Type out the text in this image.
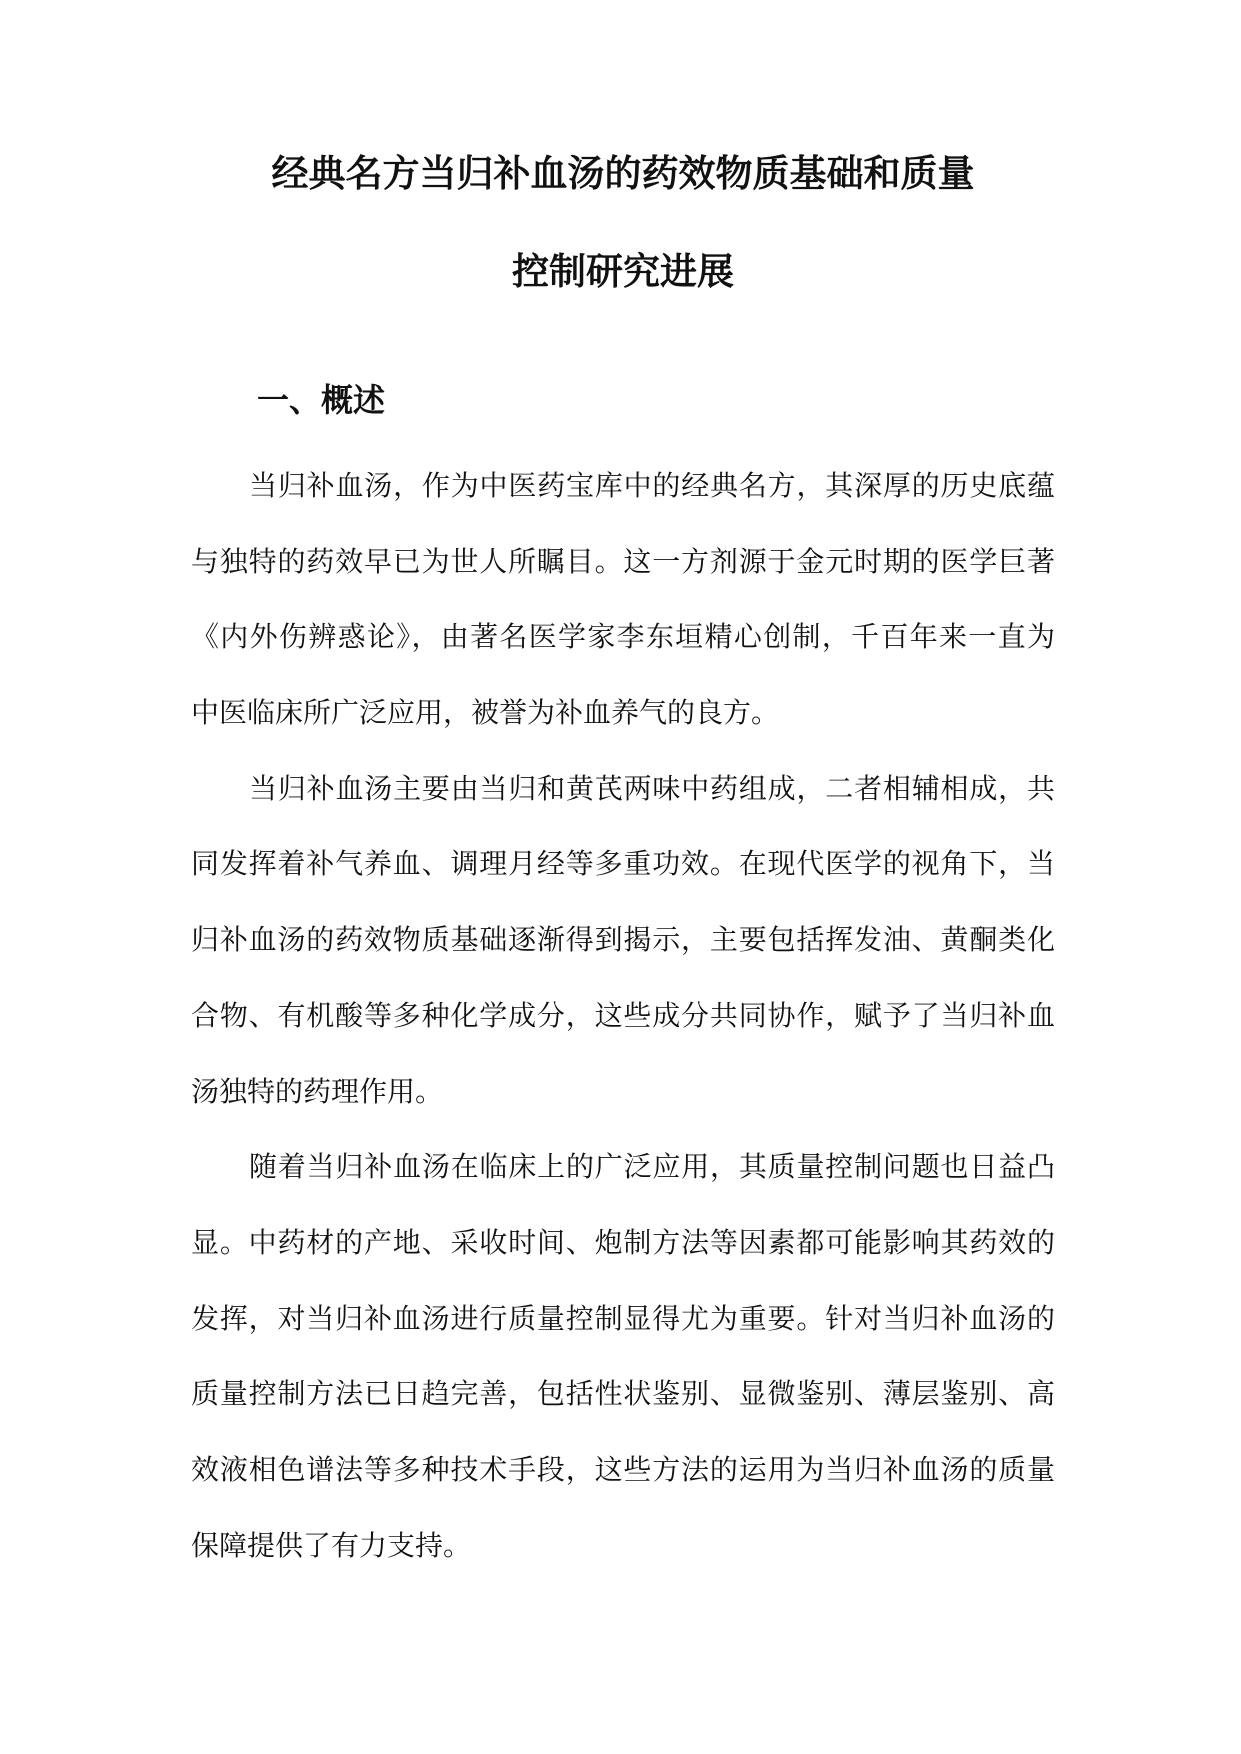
经典名方当归补血汤的药效物质基础和质量
控制研究进展
一、概述
当归补血汤，作为中医药宝库中的经典名方，其深厚的历史底蕴
与独特的药效早已为世人所瞩目。这一方剂源于金元时期的医学巨著
《内外伤辨惑论》，由著名医学家李东垣精心创制，千百年来一直为
中医临床所广泛应用，被誉为补血养气的良方。
当归补血汤主要由当归和黄芪两味中药组成，二者相辅相成，共
同发挥着补气养血、调理月经等多重功效。在现代医学的视角下，当
归补血汤的药效物质基础逐渐得到揭示，主要包括挥发油、黄酮类化
合物、有机酸等多种化学成分，这些成分共同协作，赋予了当归补血
汤独特的药理作用。
随着当归补血汤在临床上的广泛应用，其质量控制问题也日益凸
显。中药材的产地、采收时间、炮制方法等因素都可能影响其药效的
发挥，对当归补血汤进行质量控制显得尤为重要。针对当归补血汤的
质量控制方法已日趋完善，包括性状鉴别、显微鉴别、薄层鉴别、高
效液相色谱法等多种技术手段，这些方法的运用为当归补血汤的质量
保障提供了有力支持。
